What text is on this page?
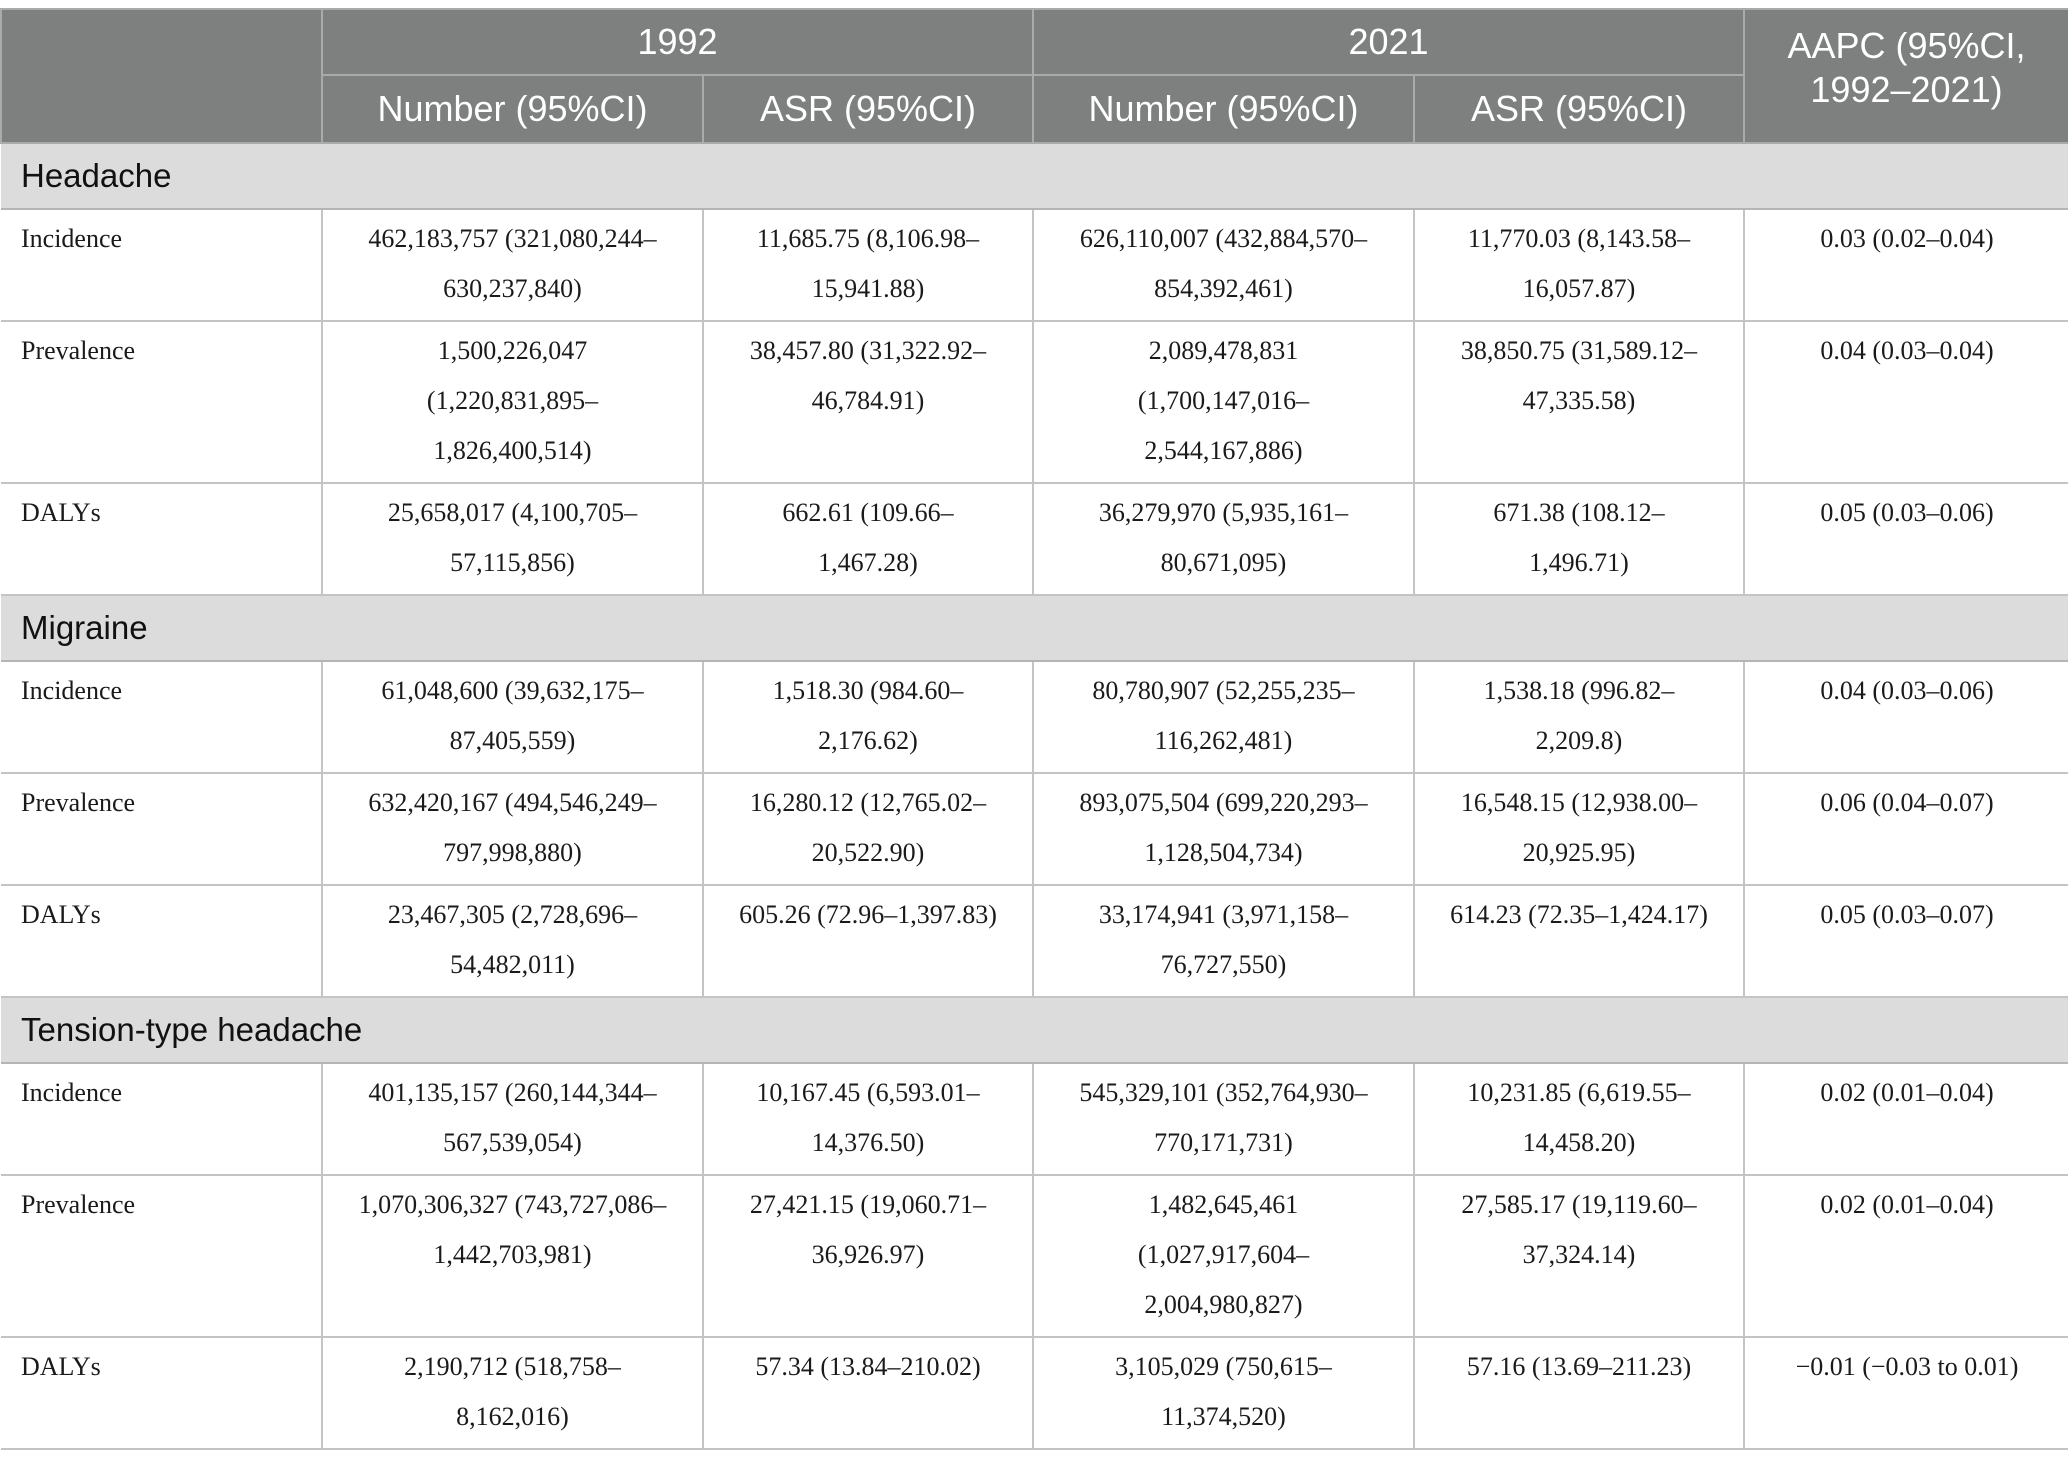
	1992		2021		AAPC (95%CI,
1992–2021)

	Number (95%CI)	ASR (95%CI)	Number (95%CI)	ASR (95%CI)	
Headache					
Incidence	462,183,757 (321,080,244–
630,237,840)	11,685.75 (8,106.98–
15,941.88)	626,110,007 (432,884,570–
854,392,461)	11,770.03 (8,143.58–
16,057.87)	0.03 (0.02–0.04)
Prevalence	1,500,226,047
(1,220,831,895–
1,826,400,514)	38,457.80 (31,322.92–
46,784.91)	2,089,478,831
(1,700,147,016–
2,544,167,886)	38,850.75 (31,589.12–
47,335.58)	0.04 (0.03–0.04)
DALYs	25,658,017 (4,100,705–
57,115,856)	662.61 (109.66–
1,467.28)	36,279,970 (5,935,161–
80,671,095)	671.38 (108.12–
1,496.71)	0.05 (0.03–0.06)
Migraine					
Incidence	61,048,600 (39,632,175–
87,405,559)	1,518.30 (984.60–
2,176.62)	80,780,907 (52,255,235–
116,262,481)	1,538.18 (996.82–
2,209.8)	0.04 (0.03–0.06)
Prevalence	632,420,167 (494,546,249–
797,998,880)	16,280.12 (12,765.02–
20,522.90)	893,075,504 (699,220,293–
1,128,504,734)	16,548.15 (12,938.00–
20,925.95)	0.06 (0.04–0.07)
DALYs	23,467,305 (2,728,696–
54,482,011)	605.26 (72.96–1,397.83)	33,174,941 (3,971,158–
76,727,550)	614.23 (72.35–1,424.17)	0.05 (0.03–0.07)
Tension-type headache					
Incidence	401,135,157 (260,144,344–
567,539,054)	10,167.45 (6,593.01–
14,376.50)	545,329,101 (352,764,930–
770,171,731)	10,231.85 (6,619.55–
14,458.20)	0.02 (0.01–0.04)
Prevalence	1,070,306,327 (743,727,086–
1,442,703,981)	27,421.15 (19,060.71–
36,926.97)	1,482,645,461
(1,027,917,604–
2,004,980,827)	27,585.17 (19,119.60–
37,324.14)	0.02 (0.01–0.04)
DALYs	2,190,712 (518,758–
8,162,016)	57.34 (13.84–210.02)	3,105,029 (750,615–
11,374,520)	57.16 (13.69–211.23)	−0.01 (−0.03 to 0.01)
